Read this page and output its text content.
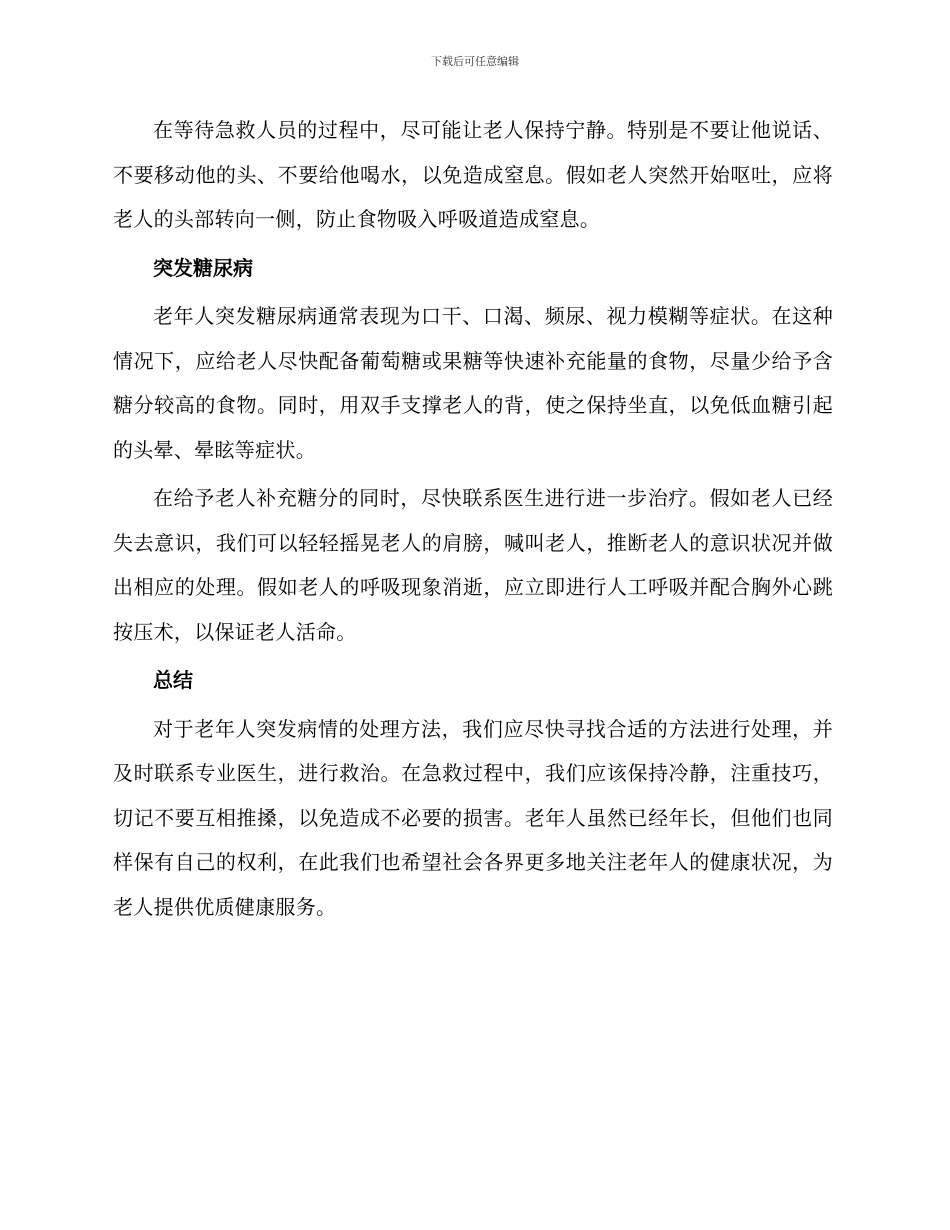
下载后可任意编辑

在等待急救人员的过程中，尽可能让老人保持宁静。特别是不要让他说话、不要移动他的头、不要给他喝水，以免造成窒息。假如老人突然开始呕吐，应将老人的头部转向一侧，防止食物吸入呼吸道造成窒息。

突发糖尿病

老年人突发糖尿病通常表现为口干、口渴、频尿、视力模糊等症状。在这种情况下，应给老人尽快配备葡萄糖或果糖等快速补充能量的食物，尽量少给予含糖分较高的食物。同时，用双手支撑老人的背，使之保持坐直，以免低血糖引起的头晕、晕眩等症状。

在给予老人补充糖分的同时，尽快联系医生进行进一步治疗。假如老人已经失去意识，我们可以轻轻摇晃老人的肩膀，喊叫老人，推断老人的意识状况并做出相应的处理。假如老人的呼吸现象消逝，应立即进行人工呼吸并配合胸外心跳按压术，以保证老人活命。

总结

对于老年人突发病情的处理方法，我们应尽快寻找合适的方法进行处理，并及时联系专业医生，进行救治。在急救过程中，我们应该保持冷静，注重技巧，切记不要互相推搡，以免造成不必要的损害。老年人虽然已经年长，但他们也同样保有自己的权利，在此我们也希望社会各界更多地关注老年人的健康状况，为老人提供优质健康服务。
